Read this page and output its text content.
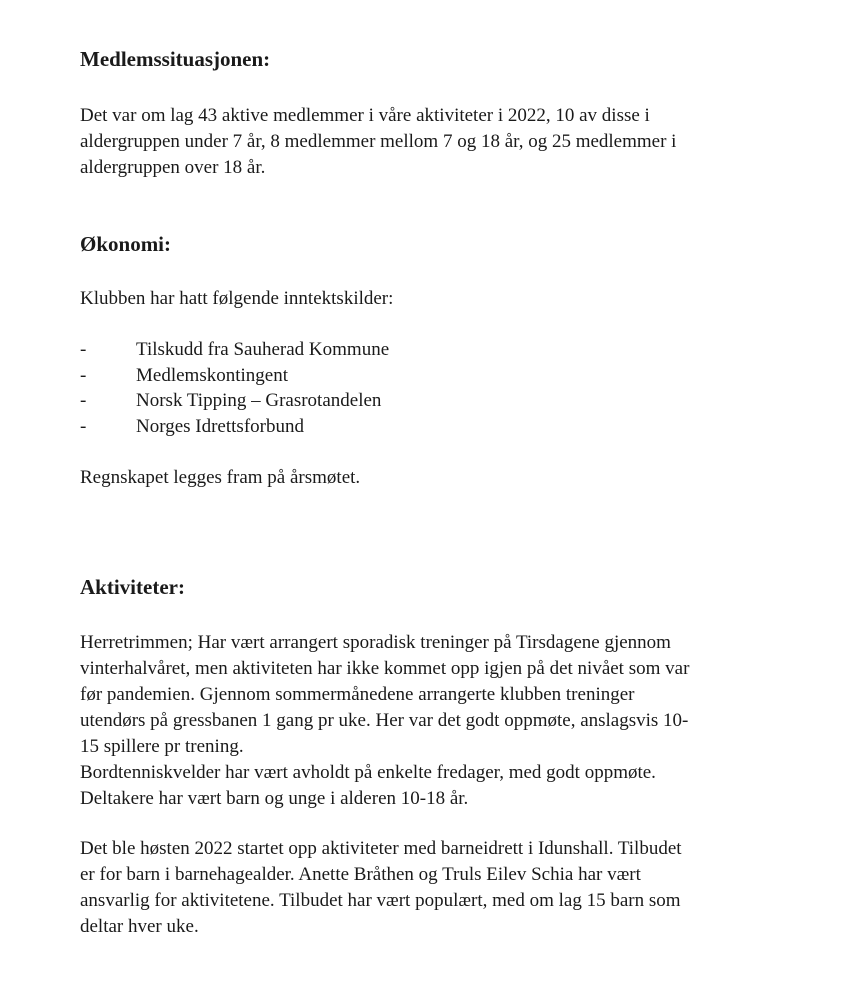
Medlemssituasjonen:

Det var om lag 43 aktive medlemmer i våre aktiviteter i 2022, 10 av disse i
aldergruppen under 7 år, 8 medlemmer mellom 7 og 18 år, og 25 medlemmer i
aldergruppen over 18 år.

Økonomi:

Klubben har hatt følgende inntektskilder:

-	Tilskudd fra Sauherad Kommune
-	Medlemskontingent
-	Norsk Tipping – Grasrotandelen
-	Norges Idrettsforbund

Regnskapet legges fram på årsmøtet.

Aktiviteter:

Herretrimmen; Har vært arrangert sporadisk treninger på Tirsdagene gjennom
vinterhalvåret, men aktiviteten har ikke kommet opp igjen på det nivået som var
før pandemien. Gjennom sommermånedene arrangerte klubben treninger
utendørs på gressbanen 1 gang pr uke. Her var det godt oppmøte, anslagsvis 10-
15 spillere pr trening.
Bordtenniskvelder har vært avholdt på enkelte fredager, med godt oppmøte.
Deltakere har vært barn og unge i alderen 10-18 år.

Det ble høsten 2022 startet opp aktiviteter med barneidrett i Idunshall. Tilbudet
er for barn i barnehagealder. Anette Bråthen og Truls Eilev Schia har vært
ansvarlig for aktivitetene. Tilbudet har vært populært, med om lag 15 barn som
deltar hver uke.
